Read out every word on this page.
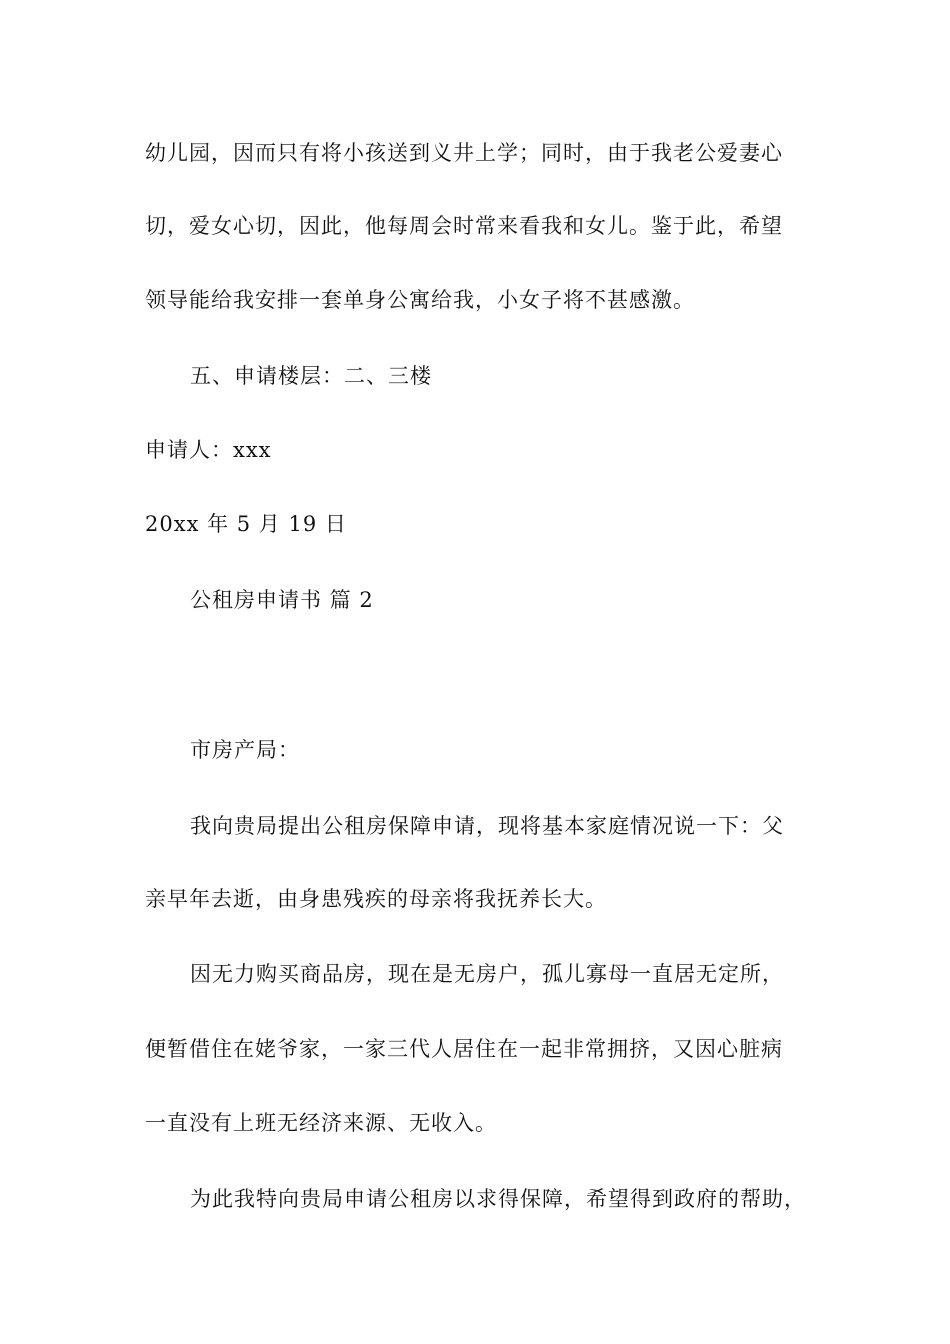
幼儿园，因而只有将小孩送到义井上学；同时，由于我老公爱妻心
切，爱女心切，因此，他每周会时常来看我和女儿。鉴于此，希望
领导能给我安排一套单身公寓给我，小女子将不甚感激。
五、申请楼层：二、三楼
申请人：xxx
20xx 年 5 月 19 日
公租房申请书 篇 2
市房产局：
我向贵局提出公租房保障申请，现将基本家庭情况说一下：父
亲早年去逝，由身患残疾的母亲将我抚养长大。
因无力购买商品房，现在是无房户，孤儿寡母一直居无定所，
便暂借住在姥爷家，一家三代人居住在一起非常拥挤，又因心脏病
一直没有上班无经济来源、无收入。
为此我特向贵局申请公租房以求得保障，希望得到政府的帮助，
